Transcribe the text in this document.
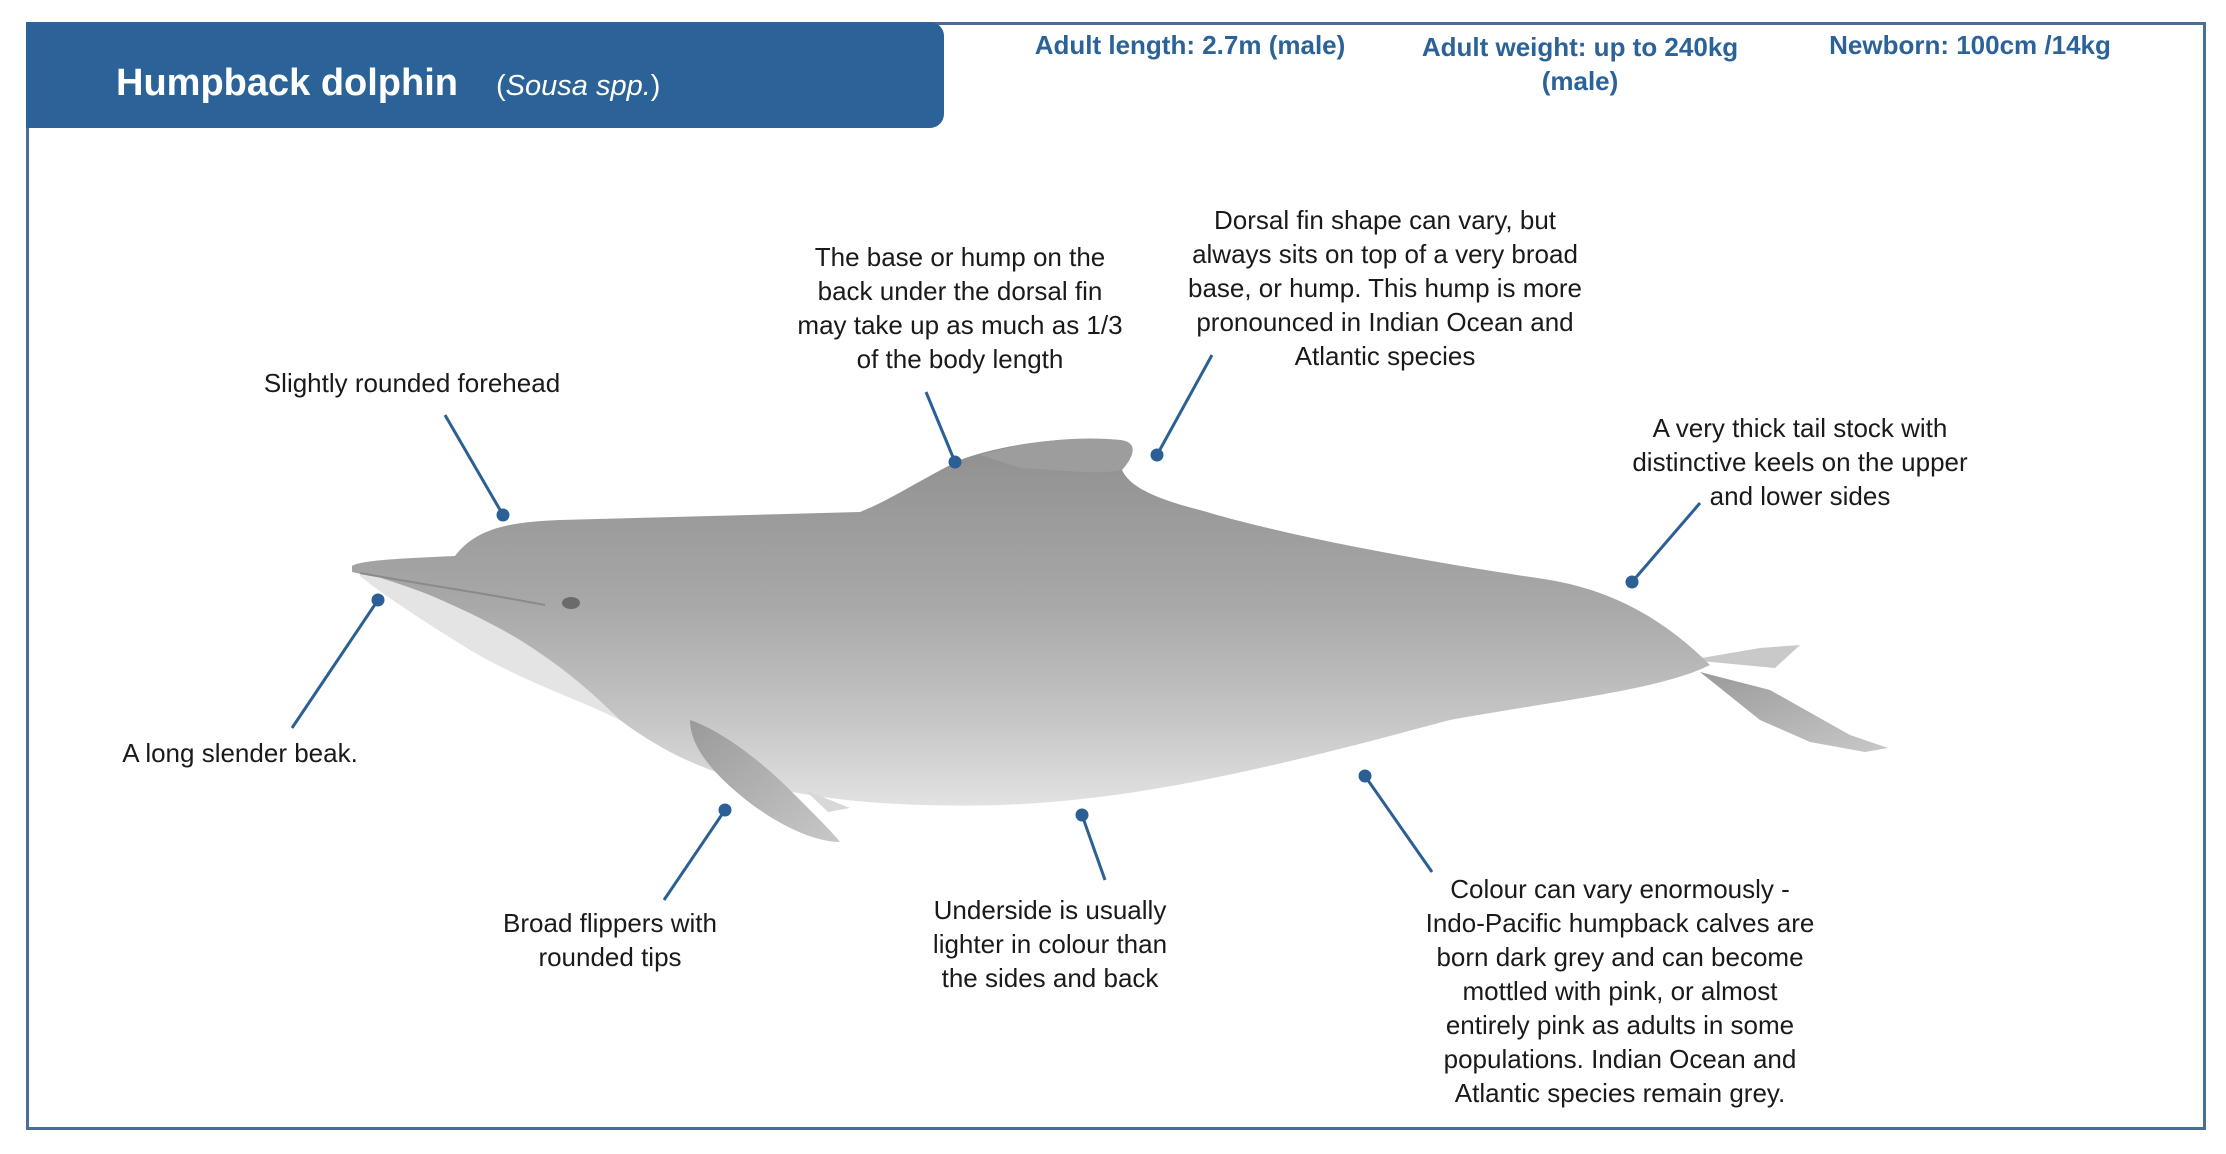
Humpback dolphin (Sousa spp.)
Adult length: 2.7m (male)	Adult weight: up to 240kg
(male)
Newborn: 100cm /14kg
Slightly rounded forehead
The base or hump on the
back under the dorsal fin
may take up as much as 1/3
of the body length
Dorsal fin shape can vary, but
always sits on top of a very broad
base, or hump. This hump is more
pronounced in Indian Ocean and
Atlantic species
A very thick tail stock with
distinctive keels on the upper
and lower sides
A long slender beak.
Broad flippers with
rounded tips
Underside is usually
lighter in colour than
the sides and back
Colour can vary enormously -
Indo-Pacific humpback calves are
born dark grey and can become
mottled with pink, or almost
entirely pink as adults in some
populations. Indian Ocean and
Atlantic species remain grey.
